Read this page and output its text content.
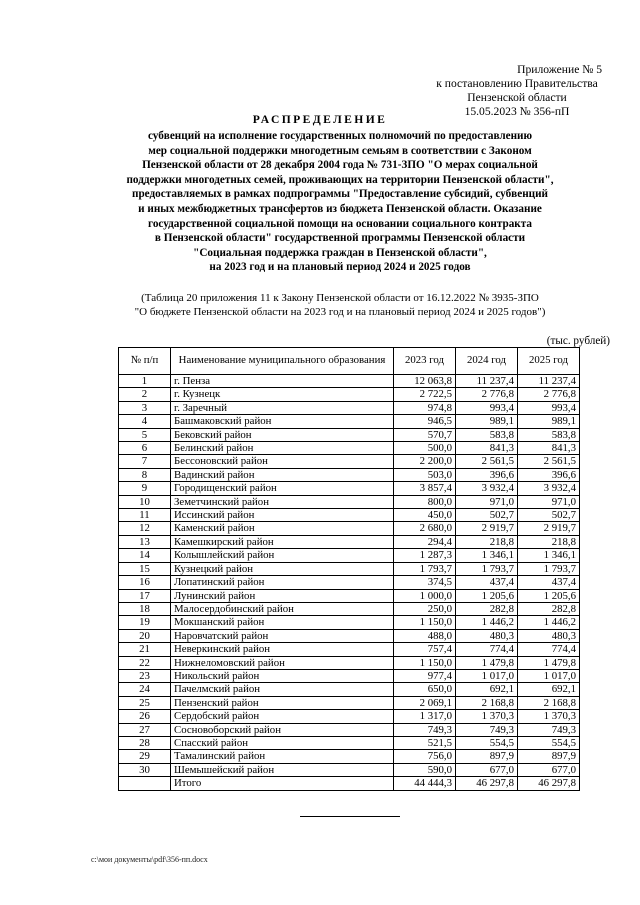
Приложение № 5
к постановлению Правительства
Пензенской области
15.05.2023 № 356-пП
РАСПРЕДЕЛЕНИЕ
субвенций на исполнение государственных полномочий по предоставлению
мер социальной поддержки многодетным семьям в соответствии с Законом
Пензенской области от 28 декабря 2004 года № 731-ЗПО "О мерах социальной
поддержки многодетных семей, проживающих на территории Пензенской области",
предоставляемых в рамках подпрограммы "Предоставление субсидий, субвенций
и иных межбюджетных трансфертов из бюджета Пензенской области. Оказание
государственной социальной помощи на основании социального контракта
в Пензенской области" государственной программы Пензенской области
"Социальная поддержка граждан в Пензенской области",
на 2023 год и на плановый период 2024 и 2025 годов
(Таблица 20 приложения 11 к Закону Пензенской области от 16.12.2022 № 3935-ЗПО
"О бюджете Пензенской области на 2023 год и на плановый период 2024 и 2025 годов")
(тыс. рублей)
№ п/п	Наименование муниципального образования	2023 год	2024 год	2025 год
1	г. Пенза	12 063,8	11 237,4	11 237,4
2	г. Кузнецк	2 722,5	2 776,8	2 776,8
3	г. Заречный	974,8	993,4	993,4
4	Башмаковский район	946,5	989,1	989,1
5	Бековский район	570,7	583,8	583,8
6	Белинский район	500,0	841,3	841,3
7	Бессоновский район	2 200,0	2 561,5	2 561,5
8	Вадинский район	503,0	396,6	396,6
9	Городищенский район	3 857,4	3 932,4	3 932,4
10	Земетчинский район	800,0	971,0	971,0
11	Иссинский район	450,0	502,7	502,7
12	Каменский район	2 680,0	2 919,7	2 919,7
13	Камешкирский район	294,4	218,8	218,8
14	Колышлейский район	1 287,3	1 346,1	1 346,1
15	Кузнецкий район	1 793,7	1 793,7	1 793,7
16	Лопатинский район	374,5	437,4	437,4
17	Лунинский район	1 000,0	1 205,6	1 205,6
18	Малосердобинский район	250,0	282,8	282,8
19	Мокшанский район	1 150,0	1 446,2	1 446,2
20	Наровчатский район	488,0	480,3	480,3
21	Неверкинский район	757,4	774,4	774,4
22	Нижнеломовский район	1 150,0	1 479,8	1 479,8
23	Никольский район	977,4	1 017,0	1 017,0
24	Пачелмский район	650,0	692,1	692,1
25	Пензенский район	2 069,1	2 168,8	2 168,8
26	Сердобский район	1 317,0	1 370,3	1 370,3
27	Сосновоборский район	749,3	749,3	749,3
28	Спасский район	521,5	554,5	554,5
29	Тамалинский район	756,0	897,9	897,9
30	Шемышейский район	590,0	677,0	677,0
	Итого	44 444,3	46 297,8	46 297,8
c:\мои документы\pdf\356-пп.docx
